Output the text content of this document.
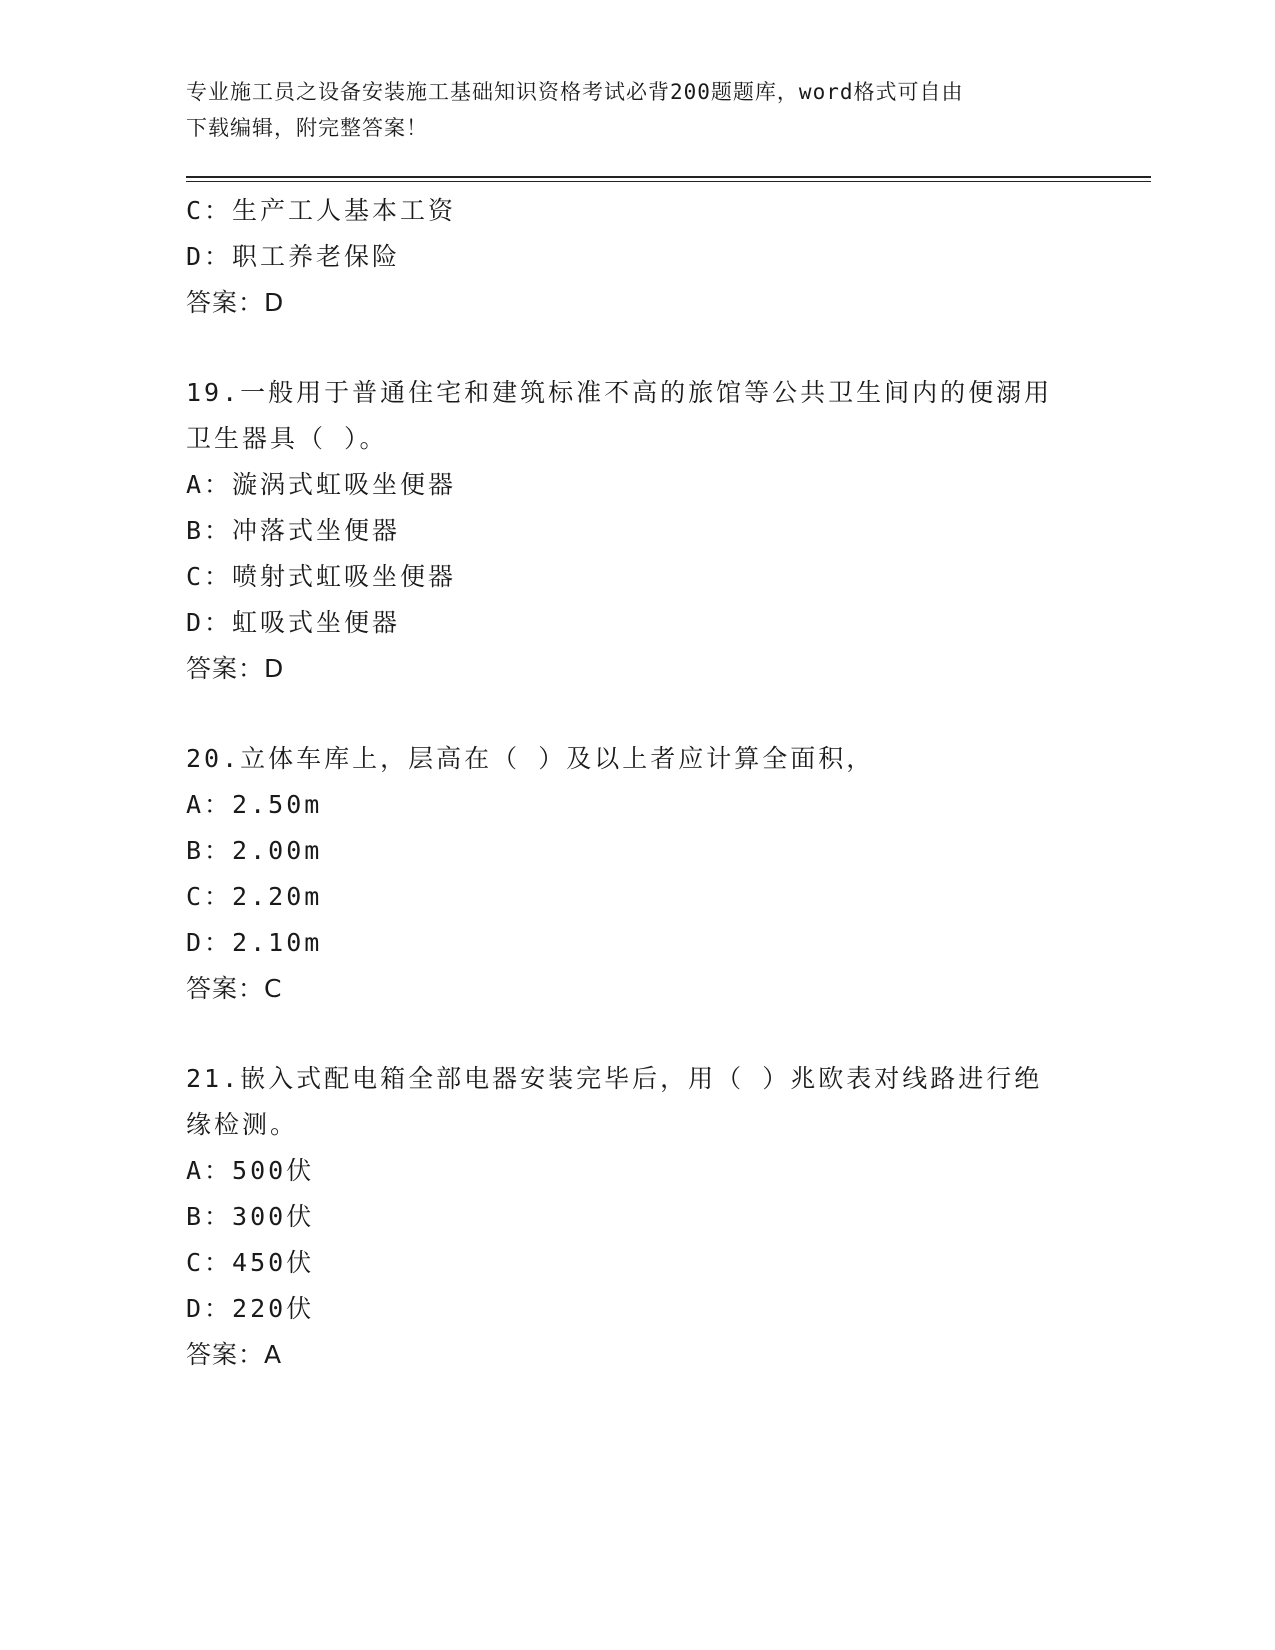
专业施工员之设备安装施工基础知识资格考试必背200题题库，word格式可自由
下载编辑，附完整答案！
C：生产工人基本工资
D：职工养老保险
答案：D
19.一般用于普通住宅和建筑标准不高的旅馆等公共卫生间内的便溺用
卫生器具（ ）。
A：漩涡式虹吸坐便器
B：冲落式坐便器
C：喷射式虹吸坐便器
D：虹吸式坐便器
答案：D
20.立体车库上，层高在（ ）及以上者应计算全面积，
A：2.50m
B：2.00m
C：2.20m
D：2.10m
答案：C
21.嵌入式配电箱全部电器安装完毕后，用（ ）兆欧表对线路进行绝
缘检测。
A：500伏
B：300伏
C：450伏
D：220伏
答案：A
